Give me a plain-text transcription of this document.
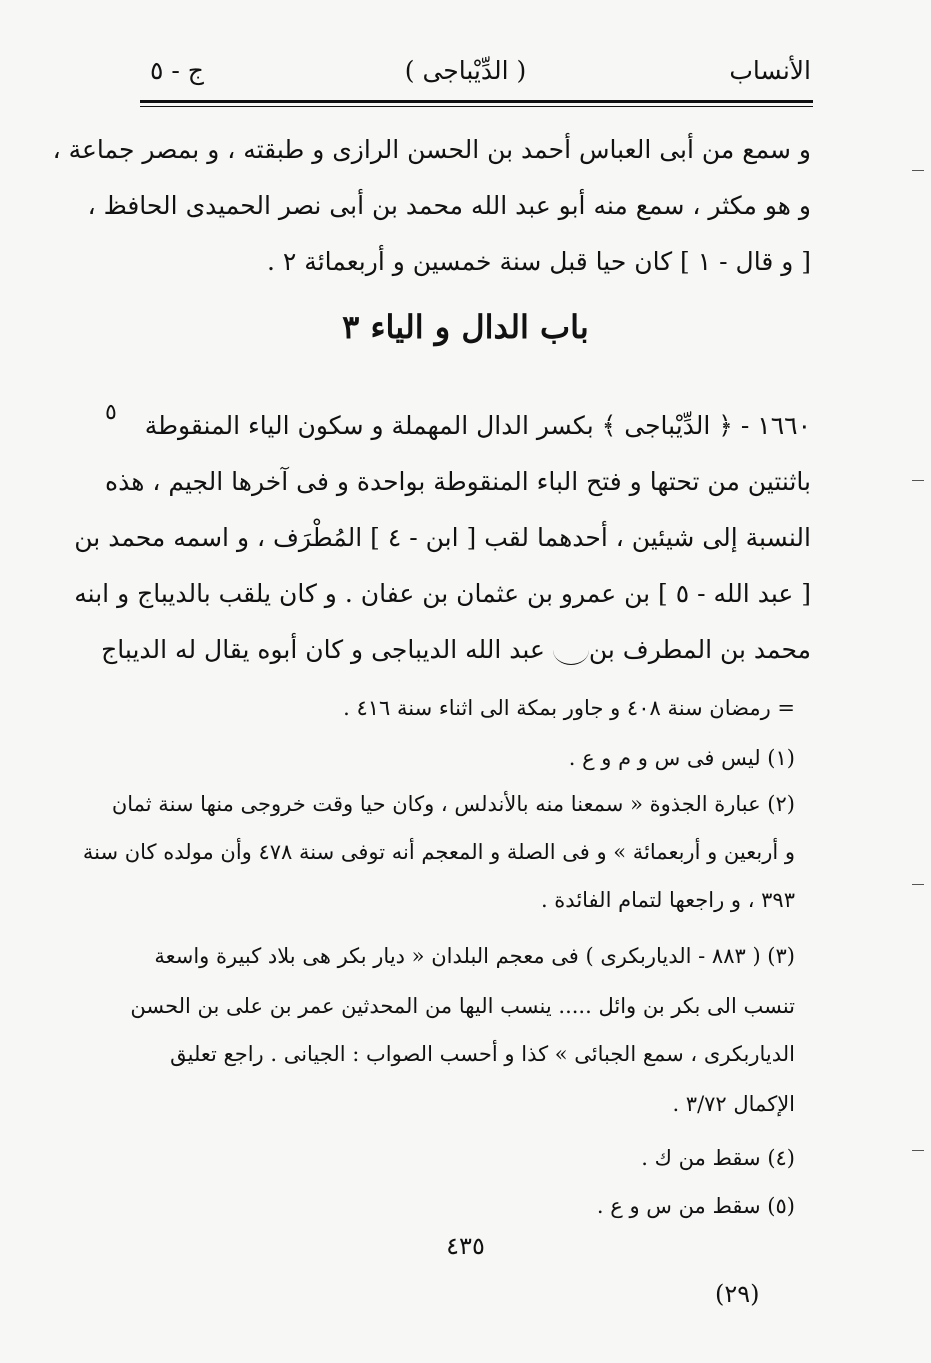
( الدِّيْباجى )	الأنساب
ج - ٥
و سمع من أبى العباس أحمد بن الحسن الرازى و طبقته ، و بمصر جماعة ،
و هو مكثر ، سمع منه أبو عبد الله محمد بن أبى نصر الحميدى الحافظ ،
[ و قال - ١ ] كان حيا قبل سنة خمسين و أربعمائة ٢ .
باب الدال و الياء ٣
٥	١٦٦٠ - ﴿ الدِّيْباجى ﴾ بكسر الدال المهملة و سكون الياء المنقوطة
باثنتين من تحتها و فتح الباء المنقوطة بواحدة و فى آخرها الجيم ، هذه
النسبة إلى شيئين ، أحدهما لقب [ ابن - ٤ ] المُطْرَف ، و اسمه محمد بن
[ عبد الله - ٥ ] بن عمرو بن عثمان بن عفان . و كان يلقب بالديباج و ابنه
محمد بن المطرف بن عبد الله الديباجى و كان أبوه يقال له الديباج
= رمضان سنة ٤٠٨ و جاور بمكة الى اثناء سنة ٤١٦ .
(١) ليس فى س و م و ع .
(٢) عبارة الجذوة « سمعنا منه بالأندلس ، وكان حيا وقت خروجى منها سنة ثمان
و أربعين و أربعمائة » و فى الصلة و المعجم أنه توفى سنة ٤٧٨ وأن مولده كان سنة
٣٩٣ ، و راجعها لتمام الفائدة .
(٣) ( ٨٨٣ - الدياربكرى ) فى معجم البلدان « ديار بكر هى بلاد كبيرة واسعة
تنسب الى بكر بن وائل ..... ينسب اليها من المحدثين عمر بن على بن الحسن
الدياربكرى ، سمع الجبائى » كذا و أحسب الصواب : الجيانى . راجع تعليق
الإكمال ٣/٧٢ .
(٤) سقط من ك .
(٥) سقط من س و ع .
٤٣٥
(٢٩)
